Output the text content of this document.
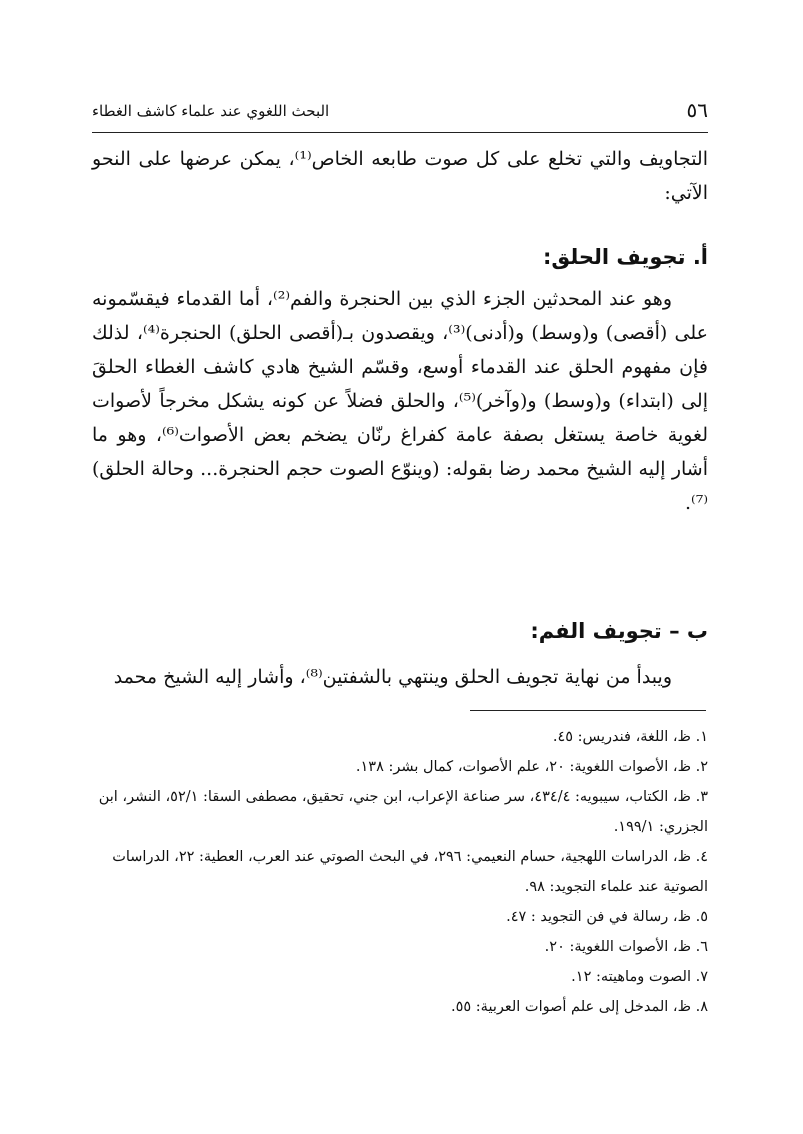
٥٦
البحث اللغوي عند علماء كاشف الغطاء

التجاويف والتي تخلع على كل صوت طابعه الخاص⁽¹⁾، يمكن عرضها على النحو الآتي:

أ. تجويف الحلق:

وهو عند المحدثين الجزء الذي بين الحنجرة والفم⁽²⁾، أما القدماء فيقسّمونه على (أقصى) و(وسط) و(أدنى)⁽³⁾، ويقصدون بـ(أقصى الحلق) الحنجرة⁽⁴⁾، لذلك فإن مفهوم الحلق عند القدماء أوسع، وقسّم الشيخ هادي كاشف الغطاء الحلقَ إلى (ابتداء) و(وسط) و(وآخر)⁽⁵⁾، والحلق فضلاً عن كونه يشكل مخرجاً لأصوات لغوية خاصة يستغل بصفة عامة كفراغ رنّان يضخم بعض الأصوات⁽⁶⁾، وهو ما أشار إليه الشيخ محمد رضا بقوله: (وينوّع الصوت حجم الحنجرة... وحالة الحلق)⁽⁷⁾.

ب – تجويف الفم:

ويبدأ من نهاية تجويف الحلق وينتهي بالشفتين⁽⁸⁾، وأشار إليه الشيخ محمد

١. ظ، اللغة، فندريس: ٤٥.
٢. ظ، الأصوات اللغوية: ٢٠، علم الأصوات، كمال بشر: ١٣٨.
٣. ظ، الكتاب، سيبويه: ٤٣٤/٤، سر صناعة الإعراب، ابن جني، تحقيق، مصطفى السقا: ٥٢/١، النشر، ابن الجزري: ١٩٩/١.
٤. ظ، الدراسات اللهجية، حسام النعيمي: ٢٩٦، في البحث الصوتي عند العرب، العطية: ٢٢، الدراسات الصوتية عند علماء التجويد: ٩٨.
٥. ظ، رسالة في فن التجويد : ٤٧.
٦. ظ، الأصوات اللغوية: ٢٠.
٧. الصوت وماهيته: ١٢.
٨. ظ، المدخل إلى علم أصوات العربية: ٥٥.
